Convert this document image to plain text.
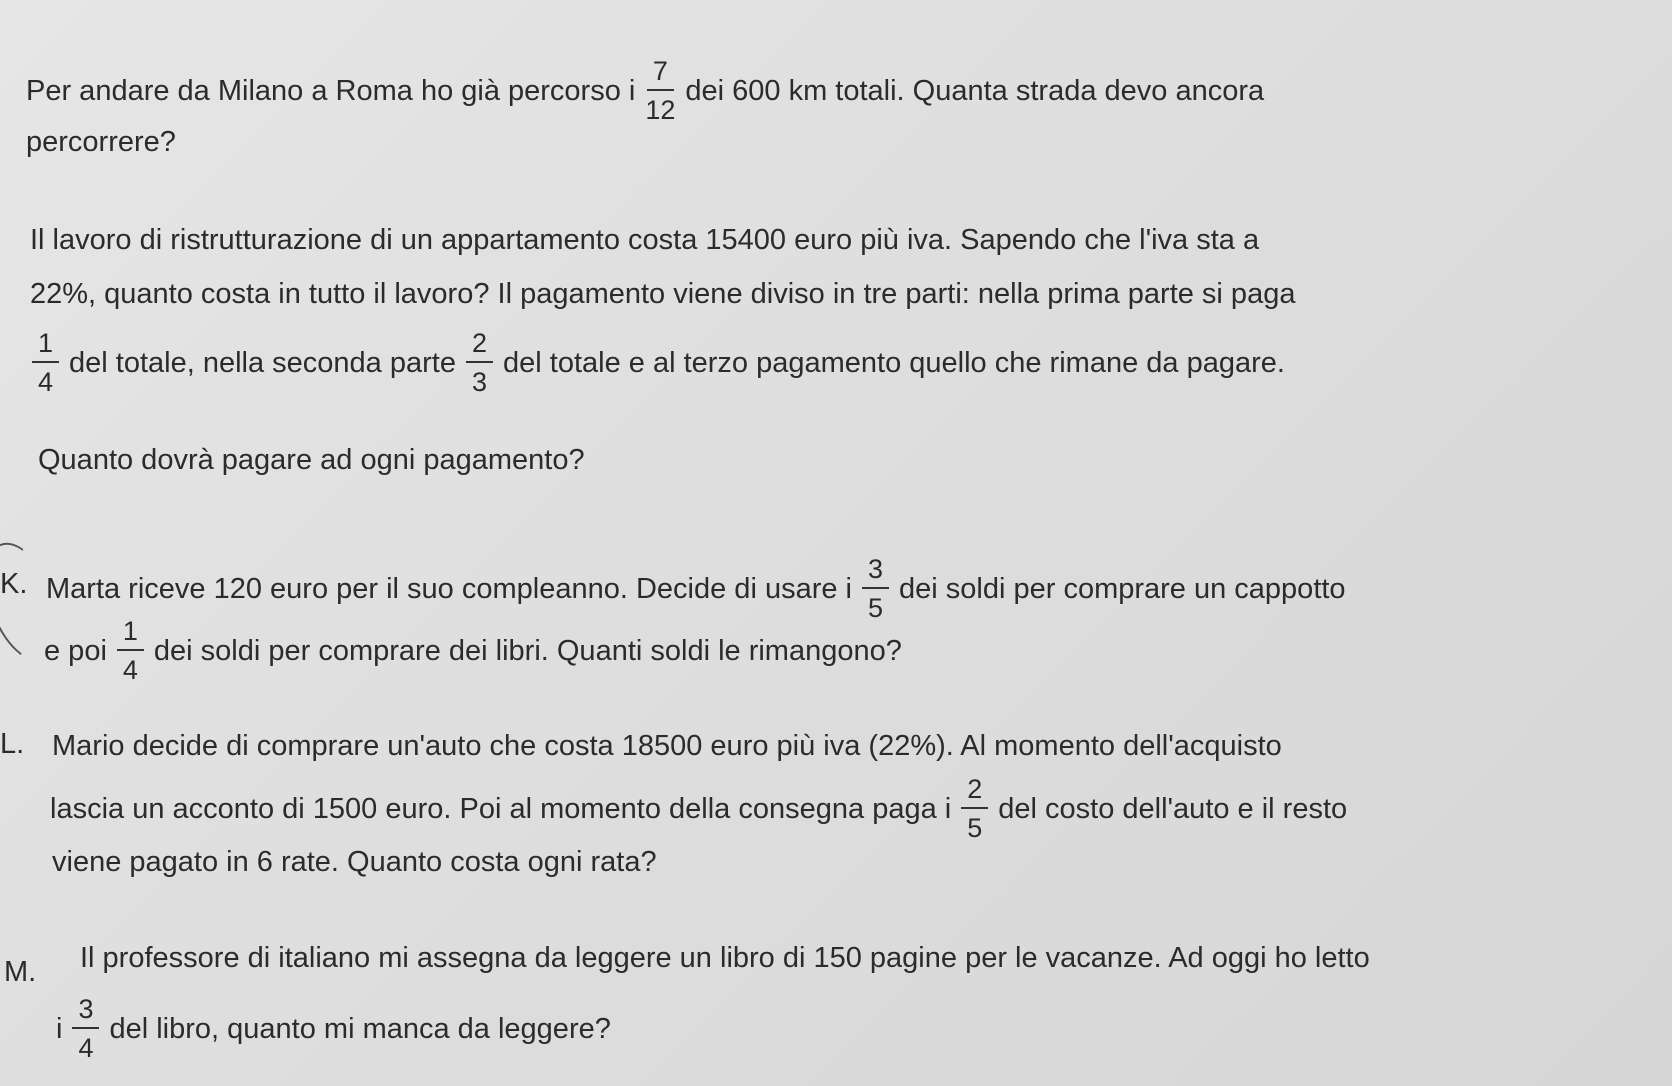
Per andare da Milano a Roma ho già percorso i $\frac{7}{12}$ dei 600 km totali. Quanta strada devo ancora
percorrere?
Il lavoro di ristrutturazione di un appartamento costa 15400 euro più iva. Sapendo che l'iva sta a
22%, quanto costa in tutto il lavoro? Il pagamento viene diviso in tre parti: nella prima parte si paga
$\frac{1}{4}$ del totale, nella seconda parte $\frac{2}{3}$ del totale e al terzo pagamento quello che rimane da pagare.
Quanto dovrà pagare ad ogni pagamento?
K. Marta riceve 120 euro per il suo compleanno. Decide di usare i $\frac{3}{5}$ dei soldi per comprare un cappotto
e poi $\frac{1}{4}$ dei soldi per comprare dei libri. Quanti soldi le rimangono?
L. Mario decide di comprare un'auto che costa 18500 euro più iva (22%). Al momento dell'acquisto
lascia un acconto di 1500 euro. Poi al momento della consegna paga i $\frac{2}{5}$ del costo dell'auto e il resto
viene pagato in 6 rate. Quanto costa ogni rata?
M. Il professore di italiano mi assegna da leggere un libro di 150 pagine per le vacanze. Ad oggi ho letto
i $\frac{3}{4}$ del libro, quanto mi manca da leggere?
